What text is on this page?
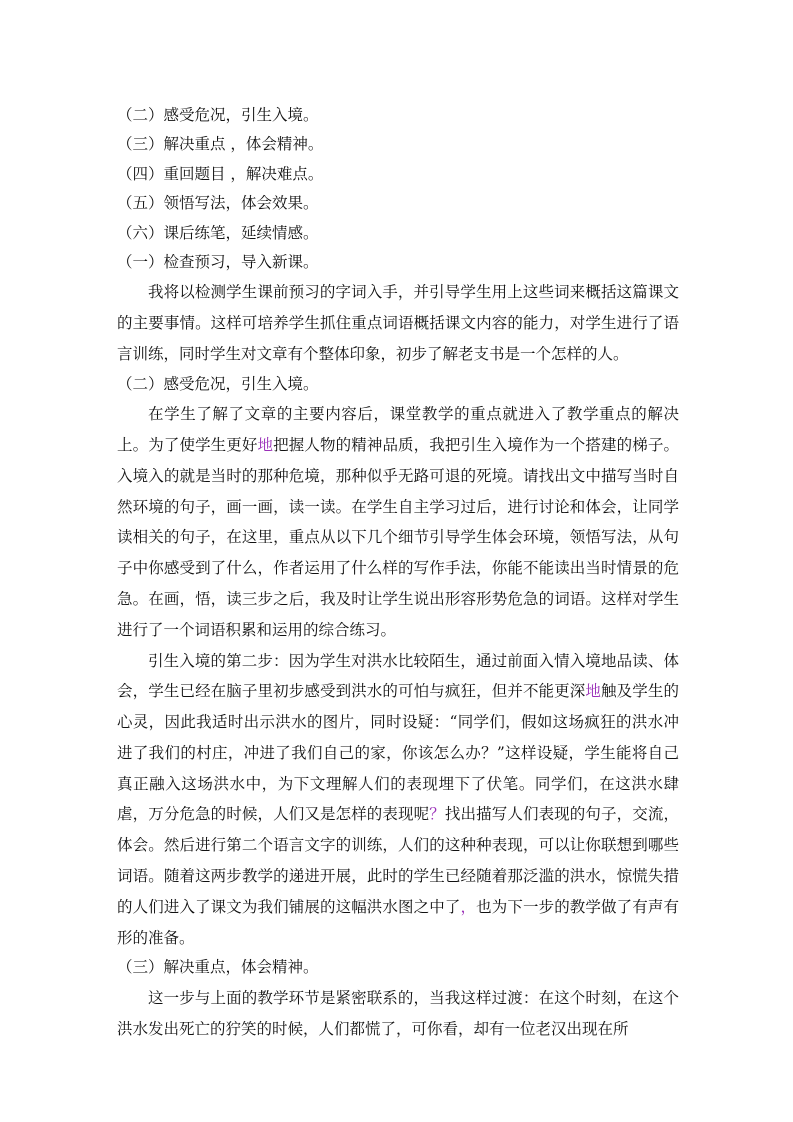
（二）感受危况，引生入境。

（三）解决重点 ，体会精神。

（四）重回题目 ，解决难点。

（五）领悟写法，体会效果。

（六）课后练笔，延续情感。

（一）检查预习，导入新课。

我将以检测学生课前预习的字词入手，并引导学生用上这些词来概括这篇课文的主要事情。这样可培养学生抓住重点词语概括课文内容的能力，对学生进行了语言训练，同时学生对文章有个整体印象，初步了解老支书是一个怎样的人。

（二）感受危况，引生入境。

在学生了解了文章的主要内容后，课堂教学的重点就进入了教学重点的解决上。为了使学生更好地把握人物的精神品质，我把引生入境作为一个搭建的梯子。入境入的就是当时的那种危境，那种似乎无路可退的死境。请找出文中描写当时自然环境的句子，画一画，读一读。在学生自主学习过后，进行讨论和体会，让同学读相关的句子，在这里，重点从以下几个细节引导学生体会环境，领悟写法，从句子中你感受到了什么，作者运用了什么样的写作手法，你能不能读出当时情景的危急。在画，悟，读三步之后，我及时让学生说出形容形势危急的词语。这样对学生进行了一个词语积累和运用的综合练习。

引生入境的第二步：因为学生对洪水比较陌生，通过前面入情入境地品读、体会，学生已经在脑子里初步感受到洪水的可怕与疯狂，但并不能更深地触及学生的心灵，因此我适时出示洪水的图片，同时设疑：“同学们，假如这场疯狂的洪水冲进了我们的村庄，冲进了我们自己的家，你该怎么办？”这样设疑，学生能将自己真正融入这场洪水中，为下文理解人们的表现埋下了伏笔。同学们，在这洪水肆虐，万分危急的时候，人们又是怎样的表现呢？找出描写人们表现的句子，交流，体会。然后进行第二个语言文字的训练，人们的这种种表现，可以让你联想到哪些词语。随着这两步教学的递进开展，此时的学生已经随着那泛滥的洪水，惊慌失措的人们进入了课文为我们铺展的这幅洪水图之中了，也为下一步的教学做了有声有形的准备。

（三）解决重点，体会精神。

这一步与上面的教学环节是紧密联系的，当我这样过渡：在这个时刻，在这个洪水发出死亡的狞笑的时候，人们都慌了，可你看，却有一位老汉出现在所
